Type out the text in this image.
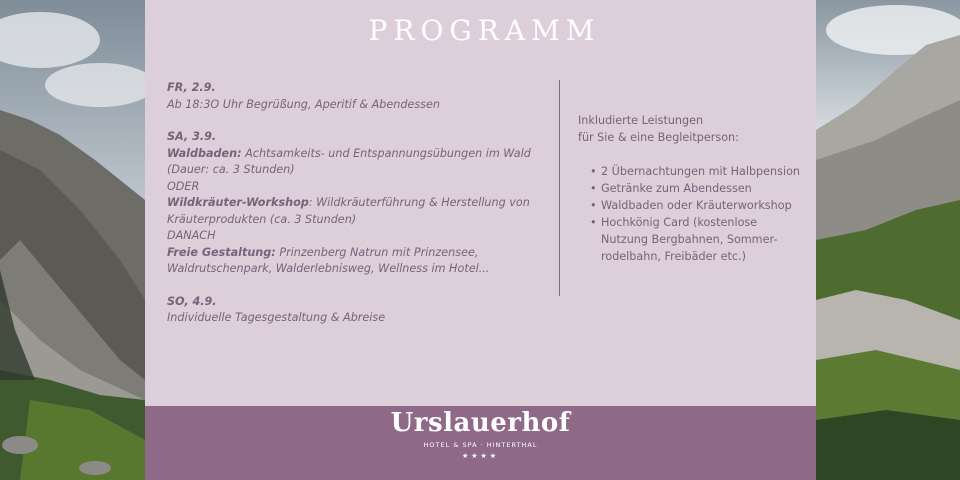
PROGRAMM
FR, 2.9.
Ab 18:3O Uhr Begrüßung, Aperitif & Abendessen
SA, 3.9.
Waldbaden: Achtsamkeits- und Entspannungsübungen im Wald
(Dauer: ca. 3 Stunden)
ODER
Wildkräuter-Workshop: Wildkräuterführung & Herstellung von
Kräuterprodukten (ca. 3 Stunden)
DANACH
Freie Gestaltung: Prinzenberg Natrun mit Prinzensee,
Waldrutschenpark, Walderlebnisweg, Wellness im Hotel...
SO, 4.9.
Individuelle Tagesgestaltung & Abreise
Inkludierte Leistungen
für Sie & eine Begleitperson:
• 2 Übernachtungen mit Halbpension
• Getränke zum Abendessen
• Waldbaden oder Kräuterworkshop
• Hochkönig Card (kostenlose
Nutzung Bergbahnen, Sommer-
rodelbahn, Freibäder etc.)
Urslauerhof
HOTEL & SPA · HINTERTHAL
★★★★
